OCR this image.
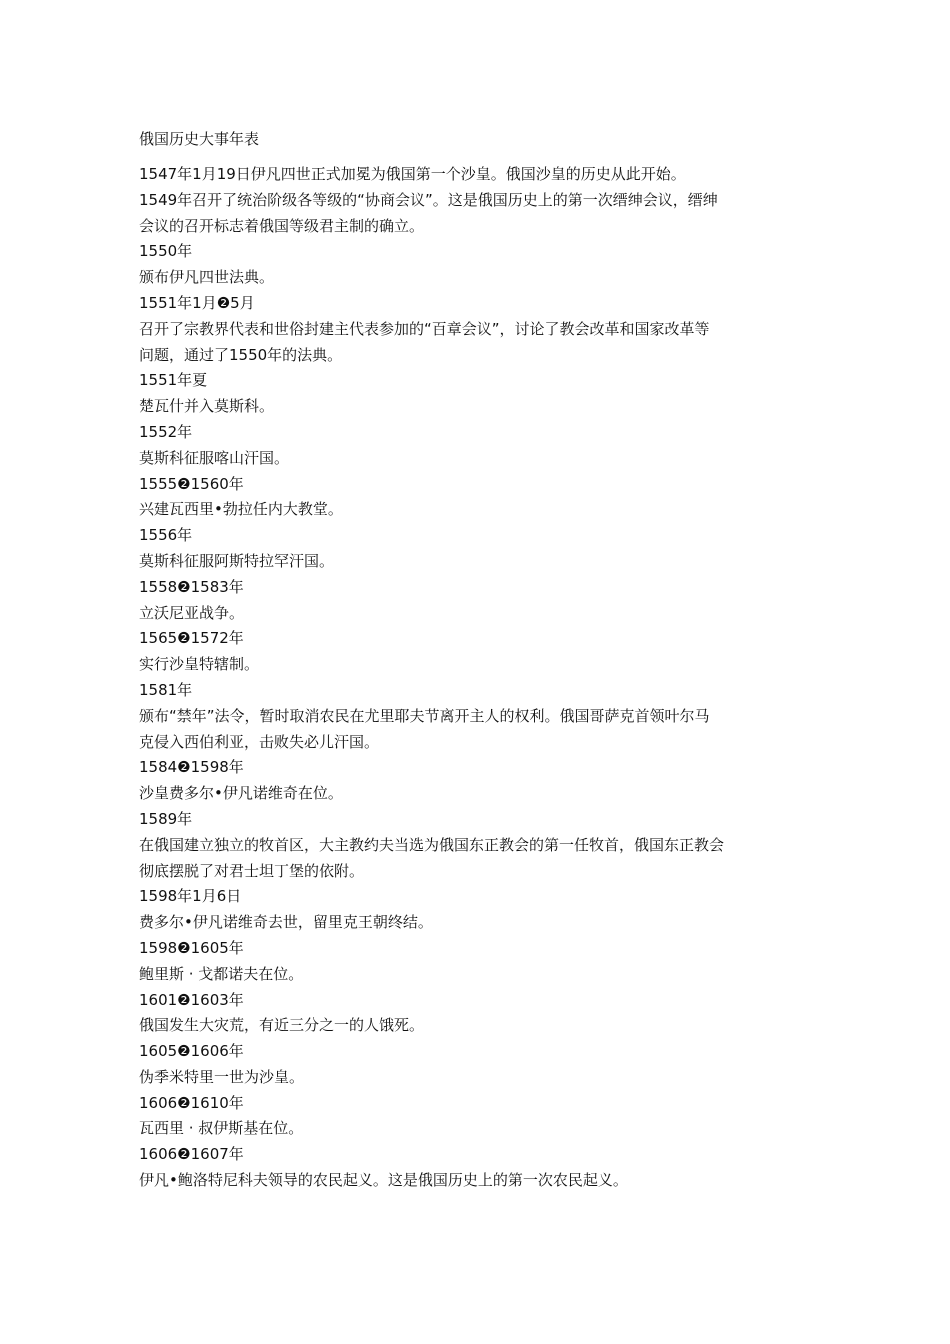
俄国历史大事年表

1547年1月19日伊凡四世正式加冕为俄国第一个沙皇。俄国沙皇的历史从此开始。

1549年召开了统治阶级各等级的“协商会议”。这是俄国历史上的第一次缙绅会议，缙绅

会议的召开标志着俄国等级君主制的确立。

1550年

颁布伊凡四世法典。

1551年1月❷5月

召开了宗教界代表和世俗封建主代表参加的“百章会议”，讨论了教会改革和国家改革等

问题，通过了1550年的法典。

1551年夏

楚瓦什并入莫斯科。

1552年

莫斯科征服喀山汗国。

1555❷1560年

兴建瓦西里•勃拉任内大教堂。

1556年

莫斯科征服阿斯特拉罕汗国。

1558❷1583年

立沃尼亚战争。

1565❷1572年

实行沙皇特辖制。

1581年

颁布“禁年”法令，暂时取消农民在尤里耶夫节离开主人的权利。俄国哥萨克首领叶尔马

克侵入西伯利亚，击败失必儿汗国。

1584❷1598年

沙皇费多尔•伊凡诺维奇在位。

1589年

在俄国建立独立的牧首区，大主教约夫当选为俄国东正教会的第一任牧首，俄国东正教会

彻底摆脱了对君士坦丁堡的依附。

1598年1月6日

费多尔•伊凡诺维奇去世，留里克王朝终结。

1598❷1605年

鲍里斯 · 戈都诺夫在位。

1601❷1603年

俄国发生大灾荒，有近三分之一的人饿死。

1605❷1606年

伪季米特里一世为沙皇。

1606❷1610年

瓦西里 · 叔伊斯基在位。

1606❷1607年

伊凡•鲍洛特尼科夫领导的农民起义。这是俄国历史上的第一次农民起义。
